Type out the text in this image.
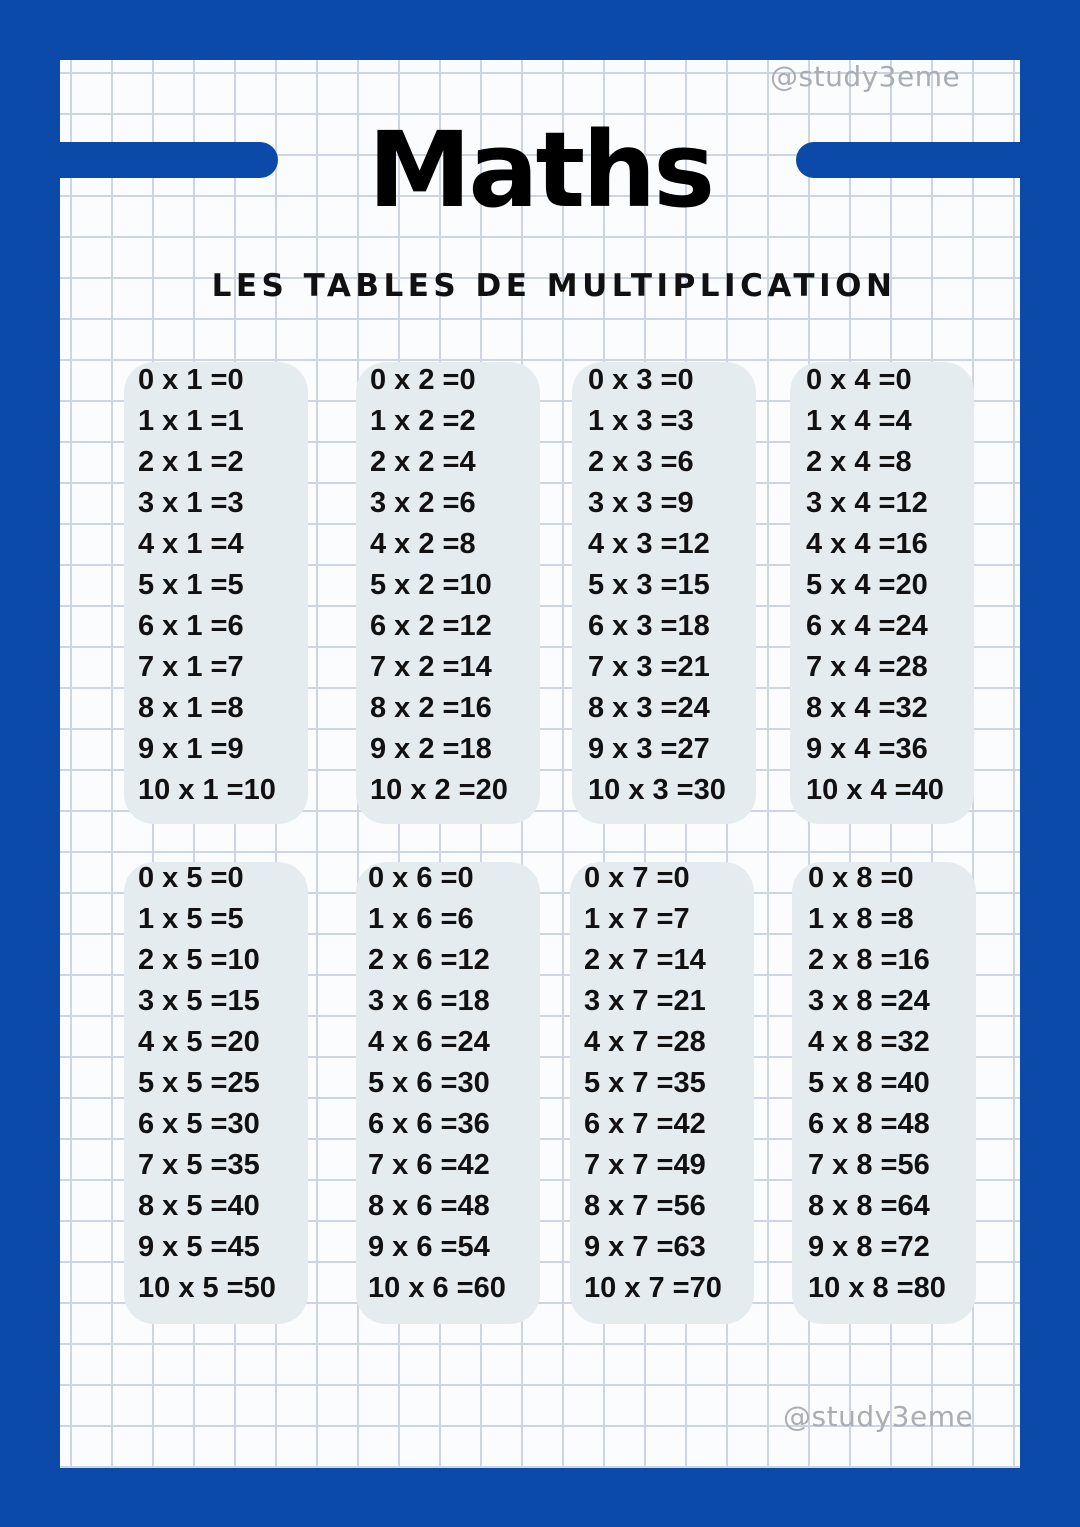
@study3eme
Maths
LES TABLES DE MULTIPLICATION
0 x 1 =0
1 x 1 =1
2 x 1 =2
3 x 1 =3
4 x 1 =4
5 x 1 =5
6 x 1 =6
7 x 1 =7
8 x 1 =8
9 x 1 =9
10 x 1 =10
0 x 2 =0
1 x 2 =2
2 x 2 =4
3 x 2 =6
4 x 2 =8
5 x 2 =10
6 x 2 =12
7 x 2 =14
8 x 2 =16
9 x 2 =18
10 x 2 =20
0 x 3 =0
1 x 3 =3
2 x 3 =6
3 x 3 =9
4 x 3 =12
5 x 3 =15
6 x 3 =18
7 x 3 =21
8 x 3 =24
9 x 3 =27
10 x 3 =30
0 x 4 =0
1 x 4 =4
2 x 4 =8
3 x 4 =12
4 x 4 =16
5 x 4 =20
6 x 4 =24
7 x 4 =28
8 x 4 =32
9 x 4 =36
10 x 4 =40
0 x 5 =0
1 x 5 =5
2 x 5 =10
3 x 5 =15
4 x 5 =20
5 x 5 =25
6 x 5 =30
7 x 5 =35
8 x 5 =40
9 x 5 =45
10 x 5 =50
0 x 6 =0
1 x 6 =6
2 x 6 =12
3 x 6 =18
4 x 6 =24
5 x 6 =30
6 x 6 =36
7 x 6 =42
8 x 6 =48
9 x 6 =54
10 x 6 =60
0 x 7 =0
1 x 7 =7
2 x 7 =14
3 x 7 =21
4 x 7 =28
5 x 7 =35
6 x 7 =42
7 x 7 =49
8 x 7 =56
9 x 7 =63
10 x 7 =70
0 x 8 =0
1 x 8 =8
2 x 8 =16
3 x 8 =24
4 x 8 =32
5 x 8 =40
6 x 8 =48
7 x 8 =56
8 x 8 =64
9 x 8 =72
10 x 8 =80
@study3eme
